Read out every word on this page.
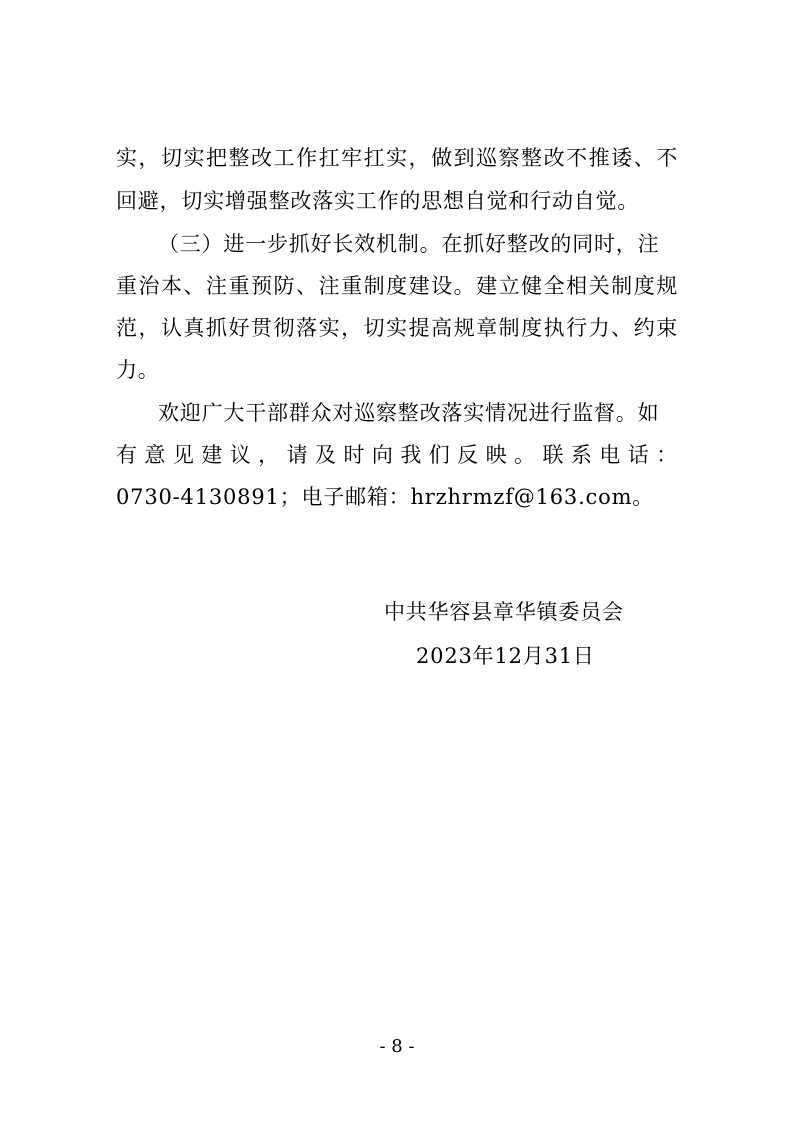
实，切实把整改工作扛牢扛实，做到巡察整改不推诿、不
回避，切实增强整改落实工作的思想自觉和行动自觉。
（三）进一步抓好长效机制。在抓好整改的同时，注
重治本、注重预防、注重制度建设。建立健全相关制度规
范，认真抓好贯彻落实，切实提高规章制度执行力、约束
力。
欢迎广大干部群众对巡察整改落实情况进行监督。如
有意见建议，请及时向我们反映。联系电话：
0730-4130891；电子邮箱：hrzhrmzf@163.com。
中共华容县章华镇委员会
2023年12月31日
- 8 -
